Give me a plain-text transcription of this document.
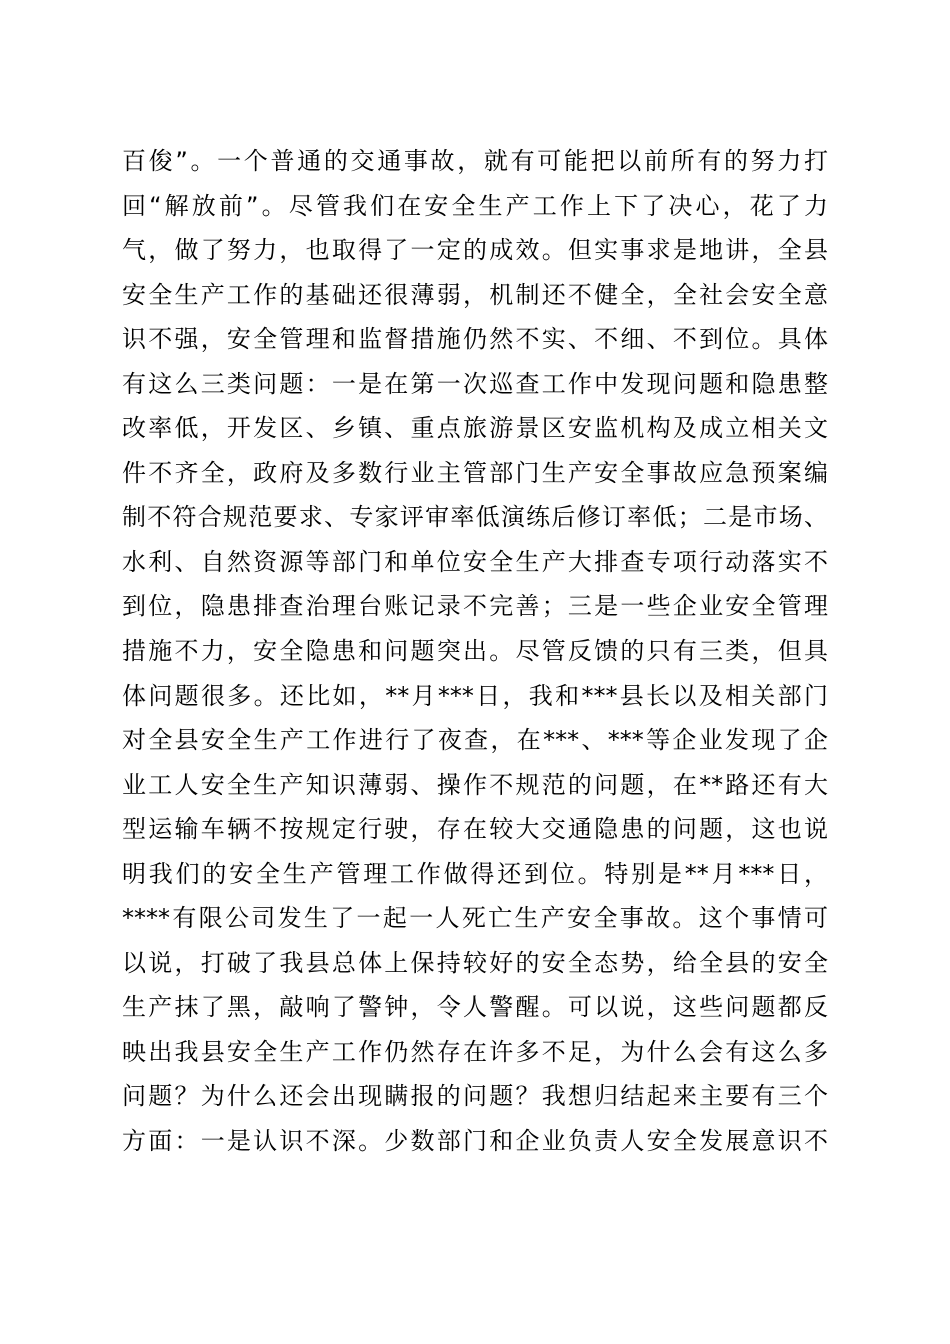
百俊”。一个普通的交通事故，就有可能把以前所有的努力打
回“解放前”。尽管我们在安全生产工作上下了决心，花了力
气，做了努力，也取得了一定的成效。但实事求是地讲，全县
安全生产工作的基础还很薄弱，机制还不健全，全社会安全意
识不强，安全管理和监督措施仍然不实、不细、不到位。具体
有这么三类问题：一是在第一次巡查工作中发现问题和隐患整
改率低，开发区、乡镇、重点旅游景区安监机构及成立相关文
件不齐全，政府及多数行业主管部门生产安全事故应急预案编
制不符合规范要求、专家评审率低演练后修订率低；二是市场、
水利、自然资源等部门和单位安全生产大排查专项行动落实不
到位，隐患排查治理台账记录不完善；三是一些企业安全管理
措施不力，安全隐患和问题突出。尽管反馈的只有三类，但具
体问题很多。还比如，**月***日，我和***县长以及相关部门
对全县安全生产工作进行了夜查，在***、***等企业发现了企
业工人安全生产知识薄弱、操作不规范的问题，在**路还有大
型运输车辆不按规定行驶，存在较大交通隐患的问题，这也说
明我们的安全生产管理工作做得还到位。特别是**月***日，
****有限公司发生了一起一人死亡生产安全事故。这个事情可
以说，打破了我县总体上保持较好的安全态势，给全县的安全
生产抹了黑，敲响了警钟，令人警醒。可以说，这些问题都反
映出我县安全生产工作仍然存在许多不足，为什么会有这么多
问题？为什么还会出现瞒报的问题？我想归结起来主要有三个
方面：一是认识不深。少数部门和企业负责人安全发展意识不
